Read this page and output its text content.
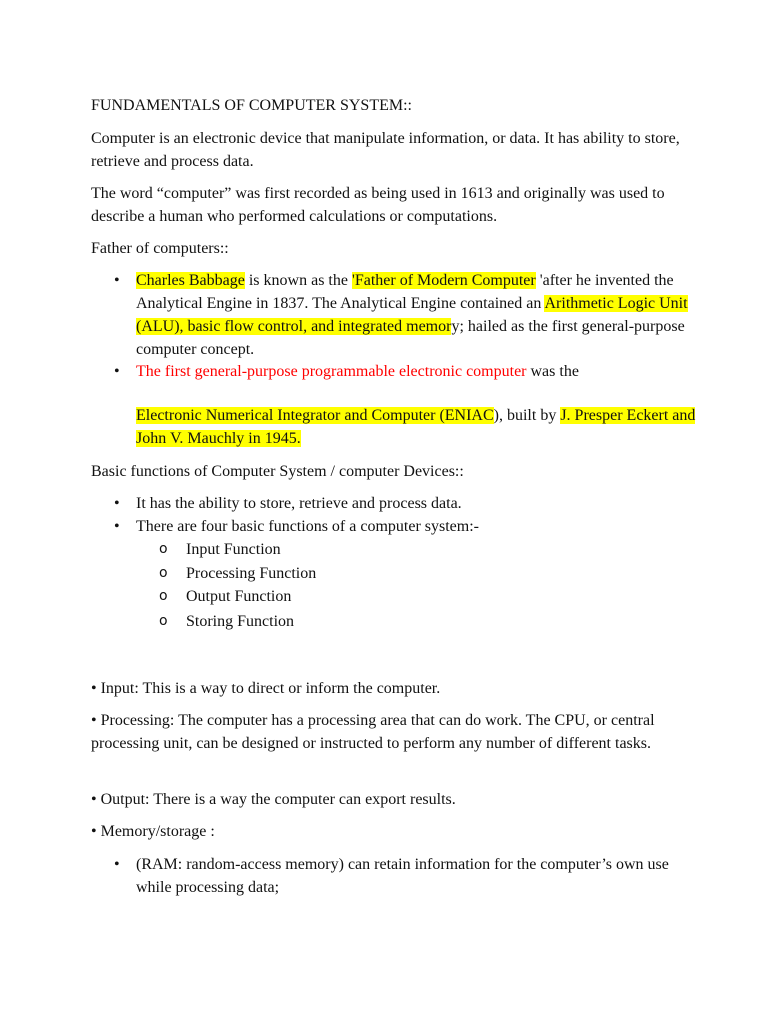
FUNDAMENTALS OF COMPUTER SYSTEM::

Computer is an electronic device that manipulate information, or data. It has ability to store, retrieve and process data.

The word “computer” was first recorded as being used in 1613 and originally was used to describe a human who performed calculations or computations.

Father of computers::

• Charles Babbage is known as the 'Father of Modern Computer 'after he invented the Analytical Engine in 1837. The Analytical Engine contained an Arithmetic Logic Unit (ALU), basic flow control, and integrated memory; hailed as the first general-purpose computer concept.
• The first general-purpose programmable electronic computer was the
Electronic Numerical Integrator and Computer (ENIAC), built by J. Presper Eckert and John V. Mauchly in 1945.

Basic functions of Computer System / computer Devices::

• It has the ability to store, retrieve and process data.
• There are four basic functions of a computer system:-
o Input Function
o Processing Function
o Output Function
o Storing Function

• Input: This is a way to direct or inform the computer.

• Processing: The computer has a processing area that can do work. The CPU, or central processing unit, can be designed or instructed to perform any number of different tasks.

• Output: There is a way the computer can export results.

• Memory/storage :

• (RAM: random-access memory) can retain information for the computer’s own use while processing data;
